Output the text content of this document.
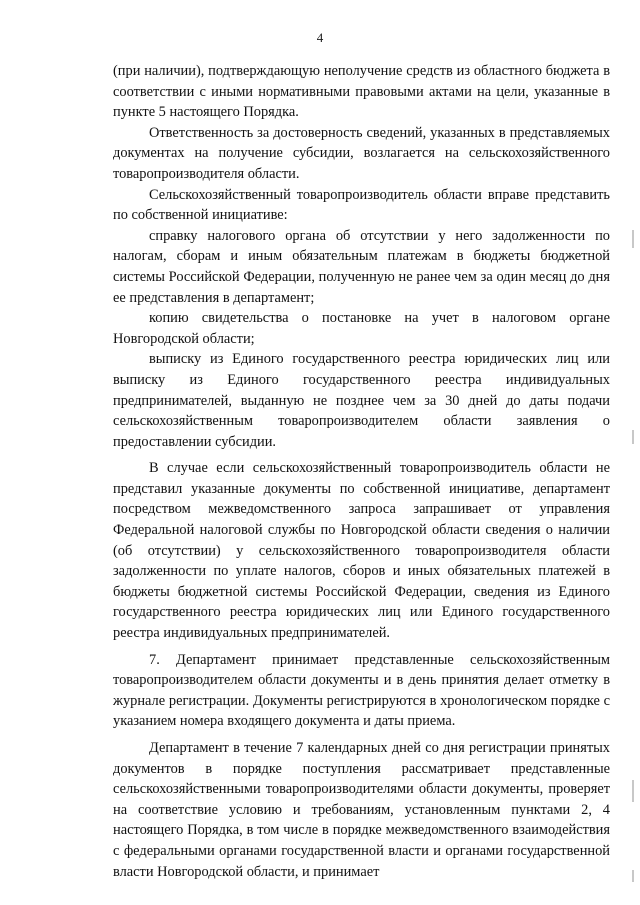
4

(при наличии), подтверждающую неполучение средств из областного бюджета в соответствии с иными нормативными правовыми актами на цели, указанные в пункте 5 настоящего Порядка.

Ответственность за достоверность сведений, указанных в представляемых документах на получение субсидии, возлагается на сельскохозяйственного товаропроизводителя области.

Сельскохозяйственный товаропроизводитель области вправе представить по собственной инициативе:

справку налогового органа об отсутствии у него задолженности по налогам, сборам и иным обязательным платежам в бюджеты бюджетной системы Российской Федерации, полученную не ранее чем за один месяц до дня ее представления в департамент;

копию свидетельства о постановке на учет в налоговом органе Новгородской области;

выписку из Единого государственного реестра юридических лиц или выписку из Единого государственного реестра индивидуальных предпринимателей, выданную не позднее чем за 30 дней до даты подачи сельскохозяйственным товаропроизводителем области заявления о предоставлении субсидии.

В случае если сельскохозяйственный товаропроизводитель области не представил указанные документы по собственной инициативе, департамент посредством межведомственного запроса запрашивает от управления Федеральной налоговой службы по Новгородской области сведения о наличии (об отсутствии) у сельскохозяйственного товаропроизводителя области задолженности по уплате налогов, сборов и иных обязательных платежей в бюджеты бюджетной системы Российской Федерации, сведения из Единого государственного реестра юридических лиц или Единого государственного реестра индивидуальных предпринимателей.

7. Департамент принимает представленные сельскохозяйственным товаропроизводителем области документы и в день принятия делает отметку в журнале регистрации. Документы регистрируются в хронологическом порядке с указанием номера входящего документа и даты приема.

Департамент в течение 7 календарных дней со дня регистрации принятых документов в порядке поступления рассматривает представленные сельскохозяйственными товаропроизводителями области документы, проверяет на соответствие условию и требованиям, установленным пунктами 2, 4 настоящего Порядка, в том числе в порядке межведомственного взаимодействия с федеральными органами государственной власти и органами государственной власти Новгородской области, и принимает
